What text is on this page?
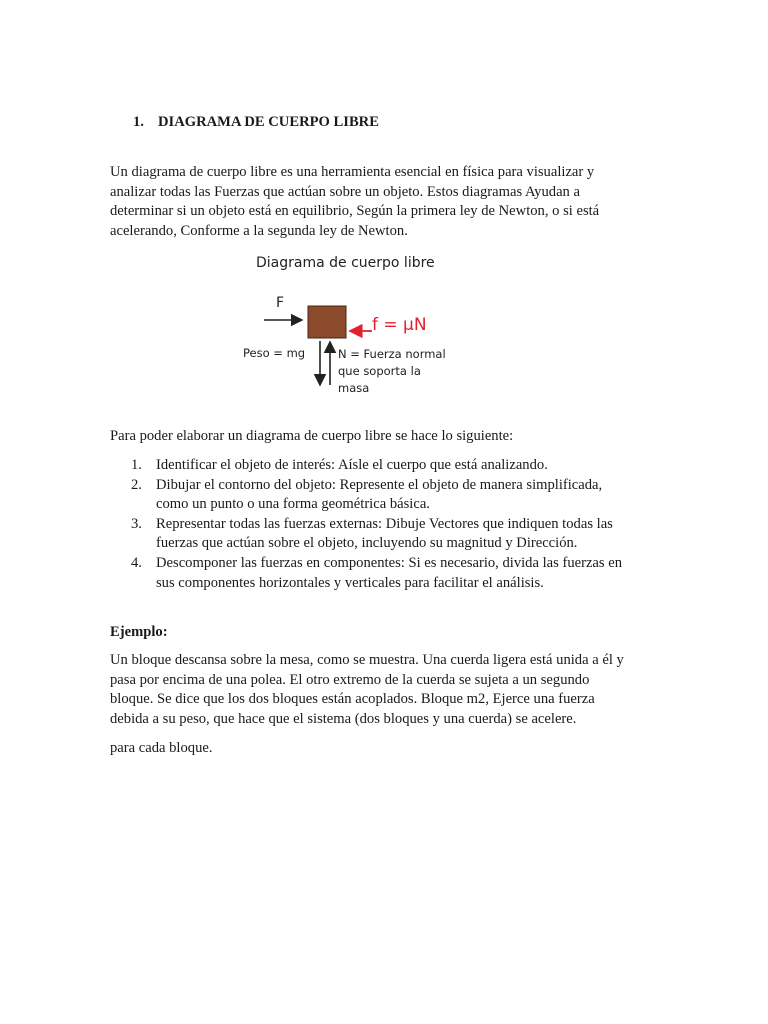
1. DIAGRAMA DE CUERPO LIBRE

Un diagrama de cuerpo libre es una herramienta esencial en física para visualizar y
analizar todas las Fuerzas que actúan sobre un objeto. Estos diagramas Ayudan a
determinar si un objeto está en equilibrio, Según la primera ley de Newton, o si está
acelerando, Conforme a la segunda ley de Newton.

Diagrama de cuerpo libre
F
f = μN
Peso = mg	N = Fuerza normal
que soporta la
masa

Para poder elaborar un diagrama de cuerpo libre se hace lo siguiente:

1. Identificar el objeto de interés: Aísle el cuerpo que está analizando.
2. Dibujar el contorno del objeto: Represente el objeto de manera simplificada,
como un punto o una forma geométrica básica.
3. Representar todas las fuerzas externas: Dibuje Vectores que indiquen todas las
fuerzas que actúan sobre el objeto, incluyendo su magnitud y Dirección.
4. Descomponer las fuerzas en componentes: Si es necesario, divida las fuerzas en
sus componentes horizontales y verticales para facilitar el análisis.

Ejemplo:

Un bloque descansa sobre la mesa, como se muestra. Una cuerda ligera está unida a él y
pasa por encima de una polea. El otro extremo de la cuerda se sujeta a un segundo
bloque. Se dice que los dos bloques están acoplados. Bloque m2, Ejerce una fuerza
debida a su peso, que hace que el sistema (dos bloques y una cuerda) se acelere.

para cada bloque.
